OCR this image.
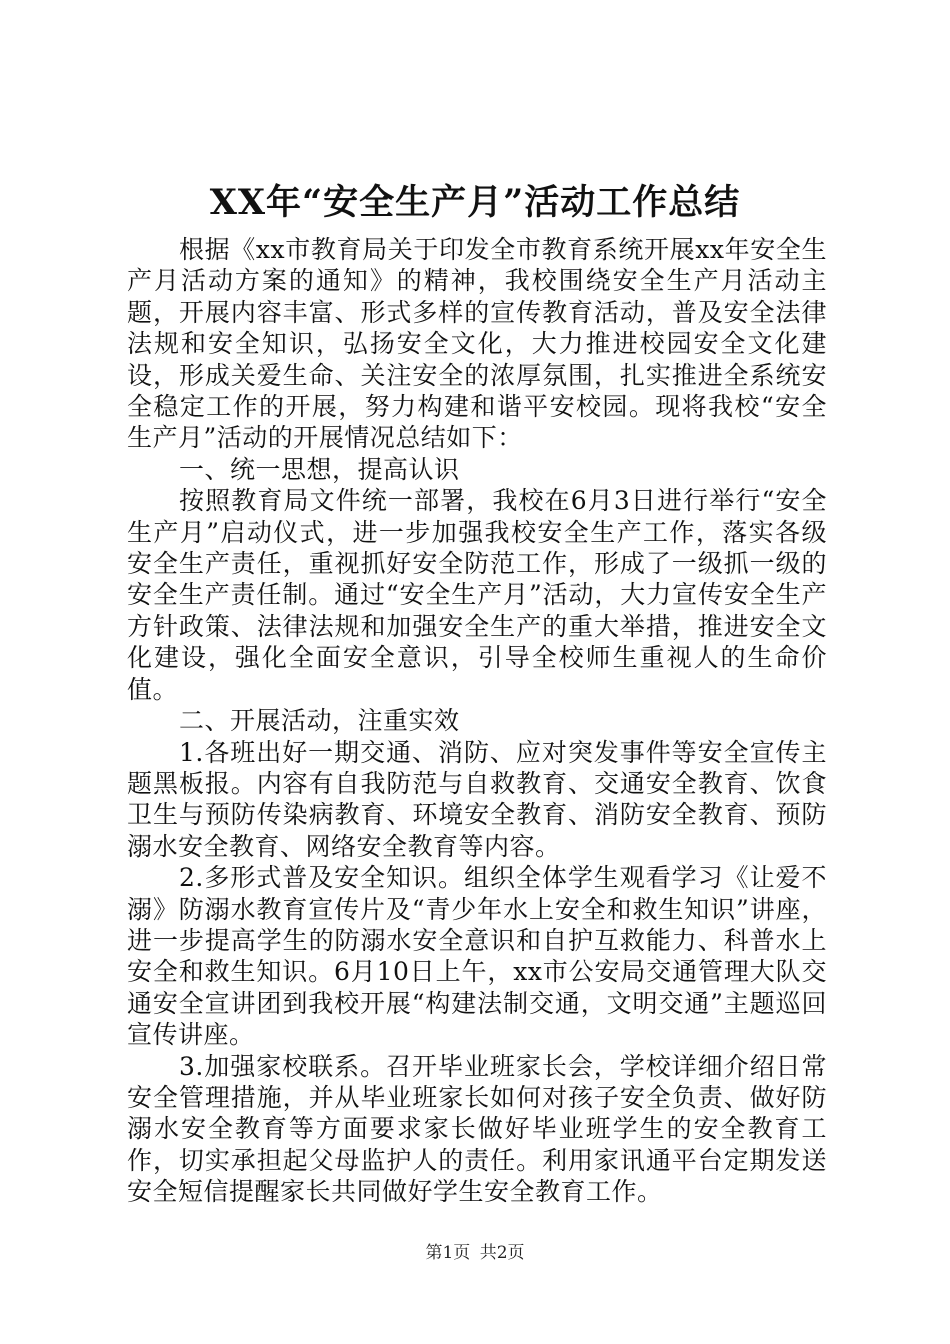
XX年“安全生产月”活动工作总结

根据《xx市教育局关于印发全市教育系统开展xx年安全生产月活动方案的通知》的精神，我校围绕安全生产月活动主题，开展内容丰富、形式多样的宣传教育活动，普及安全法律法规和安全知识，弘扬安全文化，大力推进校园安全文化建设，形成关爱生命、关注安全的浓厚氛围，扎实推进全系统安全稳定工作的开展，努力构建和谐平安校园。现将我校“安全生产月”活动的开展情况总结如下：

一、统一思想，提高认识

按照教育局文件统一部署，我校在6月3日进行举行“安全生产月”启动仪式，进一步加强我校安全生产工作，落实各级安全生产责任，重视抓好安全防范工作，形成了一级抓一级的安全生产责任制。通过“安全生产月”活动，大力宣传安全生产方针政策、法律法规和加强安全生产的重大举措，推进安全文化建设，强化全面安全意识，引导全校师生重视人的生命价值。

二、开展活动，注重实效

1.各班出好一期交通、消防、应对突发事件等安全宣传主题黑板报。内容有自我防范与自救教育、交通安全教育、饮食卫生与预防传染病教育、环境安全教育、消防安全教育、预防溺水安全教育、网络安全教育等内容。

2.多形式普及安全知识。组织全体学生观看学习《让爱不溺》防溺水教育宣传片及“青少年水上安全和救生知识”讲座，进一步提高学生的防溺水安全意识和自护互救能力、科普水上安全和救生知识。6月10日上午，xx市公安局交通管理大队交通安全宣讲团到我校开展“构建法制交通，文明交通”主题巡回宣传讲座。

3.加强家校联系。召开毕业班家长会，学校详细介绍日常安全管理措施，并从毕业班家长如何对孩子安全负责、做好防溺水安全教育等方面要求家长做好毕业班学生的安全教育工作，切实承担起父母监护人的责任。利用家讯通平台定期发送安全短信提醒家长共同做好学生安全教育工作。

第1页 共2页
